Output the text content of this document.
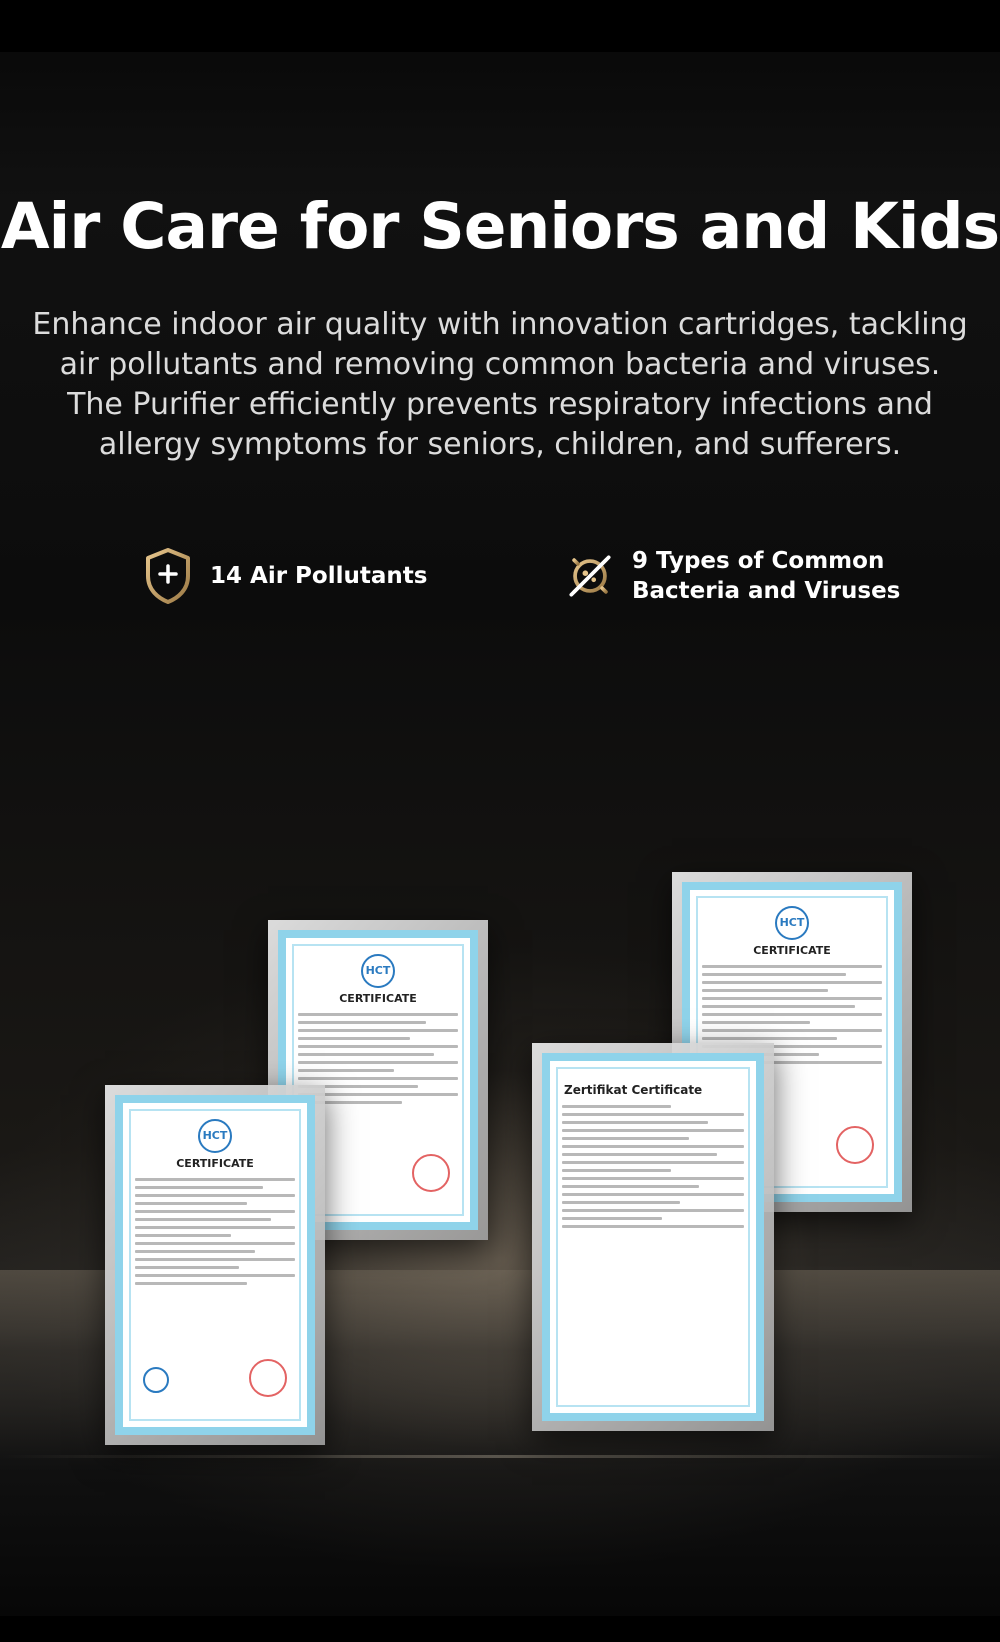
Air Care for Seniors and Kids

Enhance indoor air quality with innovation cartridges, tackling air pollutants and removing common bacteria and viruses. The Purifier efficiently prevents respiratory infections and allergy symptoms for seniors, children, and sufferers.

14 Air Pollutants
9 Types of Common
Bacteria and Viruses
HCT
CERTIFICATE
HCT
CERTIFICATE
HCT
CERTIFICATE
Zertifikat Certificate
